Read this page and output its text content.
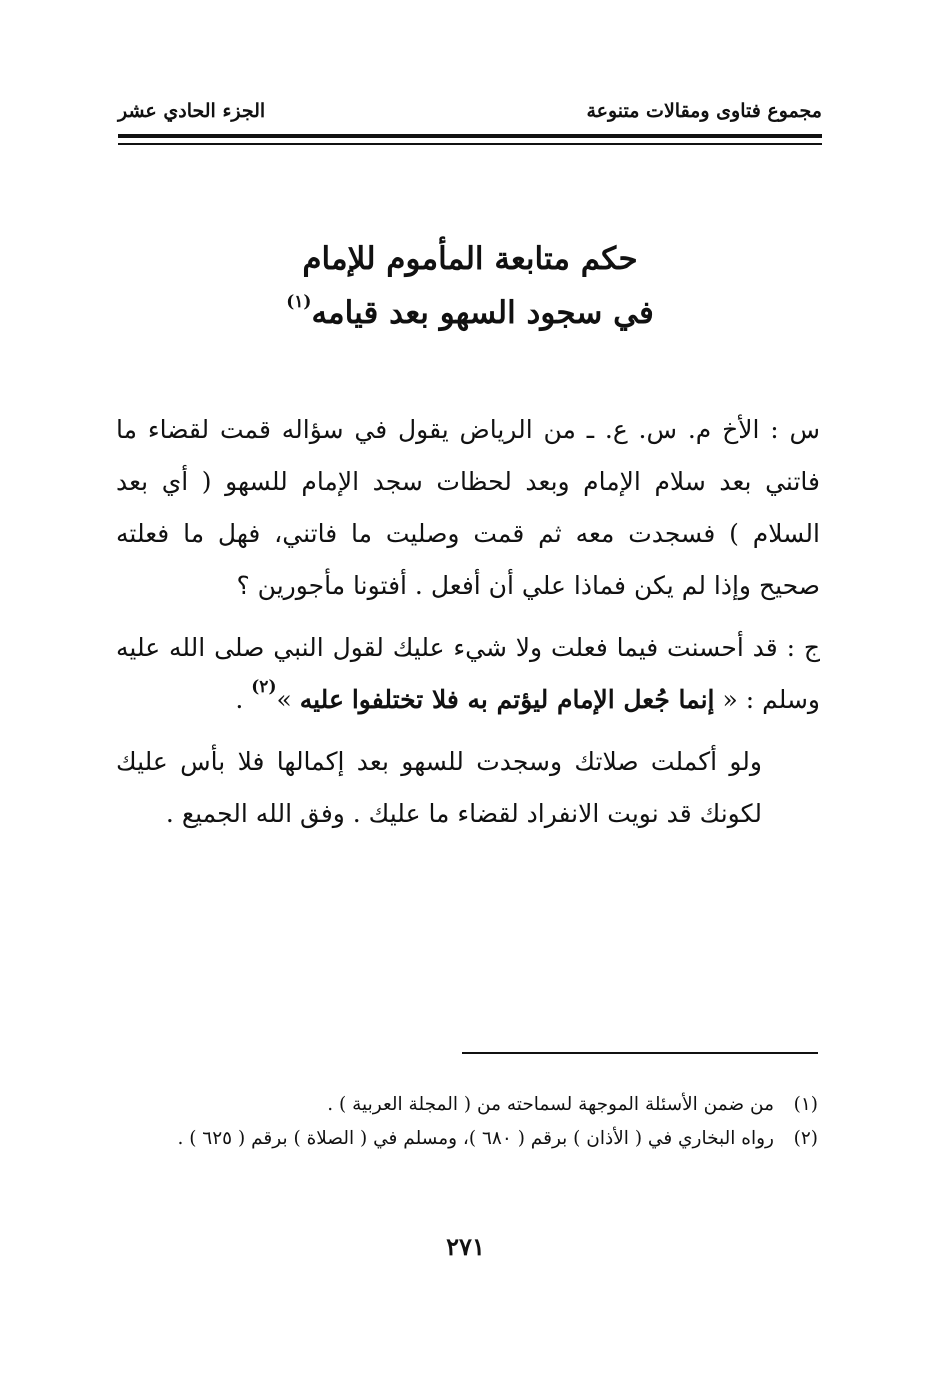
مجموع فتاوى ومقالات متنوعة
الجزء الحادي عشر
حكم متابعة المأموم للإمام
في سجود السهو بعد قيامه$^{(١)}$

س : الأخ م. س. ع. ـ من الرياض يقول في سؤاله قمت لقضاء ما فاتني بعد سلام الإمام وبعد لحظات سجد الإمام للسهو ( أي بعد السلام ) فسجدت معه ثم قمت وصليت ما فاتني، فهل ما فعلته صحيح وإذا لم يكن فماذا علي أن أفعل . أفتونا مأجورين ؟

ج : قد أحسنت فيما فعلت ولا شيء عليك لقول النبي صلى الله عليه وسلم : « إنما جُعل الإمام ليؤتم به فلا تختلفوا عليه »$^{(٢)}$ .

ولو أكملت صلاتك وسجدت للسهو بعد إكمالها فلا بأس عليك لكونك قد نويت الانفراد لقضاء ما عليك . وفق الله الجميع .

(١)
من ضمن الأسئلة الموجهة لسماحته من ( المجلة العربية ) .
(٢)
رواه البخاري في ( الأذان ) برقم ( ٦٨٠ )، ومسلم في ( الصلاة ) برقم ( ٦٢٥ ) .
٢٧١
